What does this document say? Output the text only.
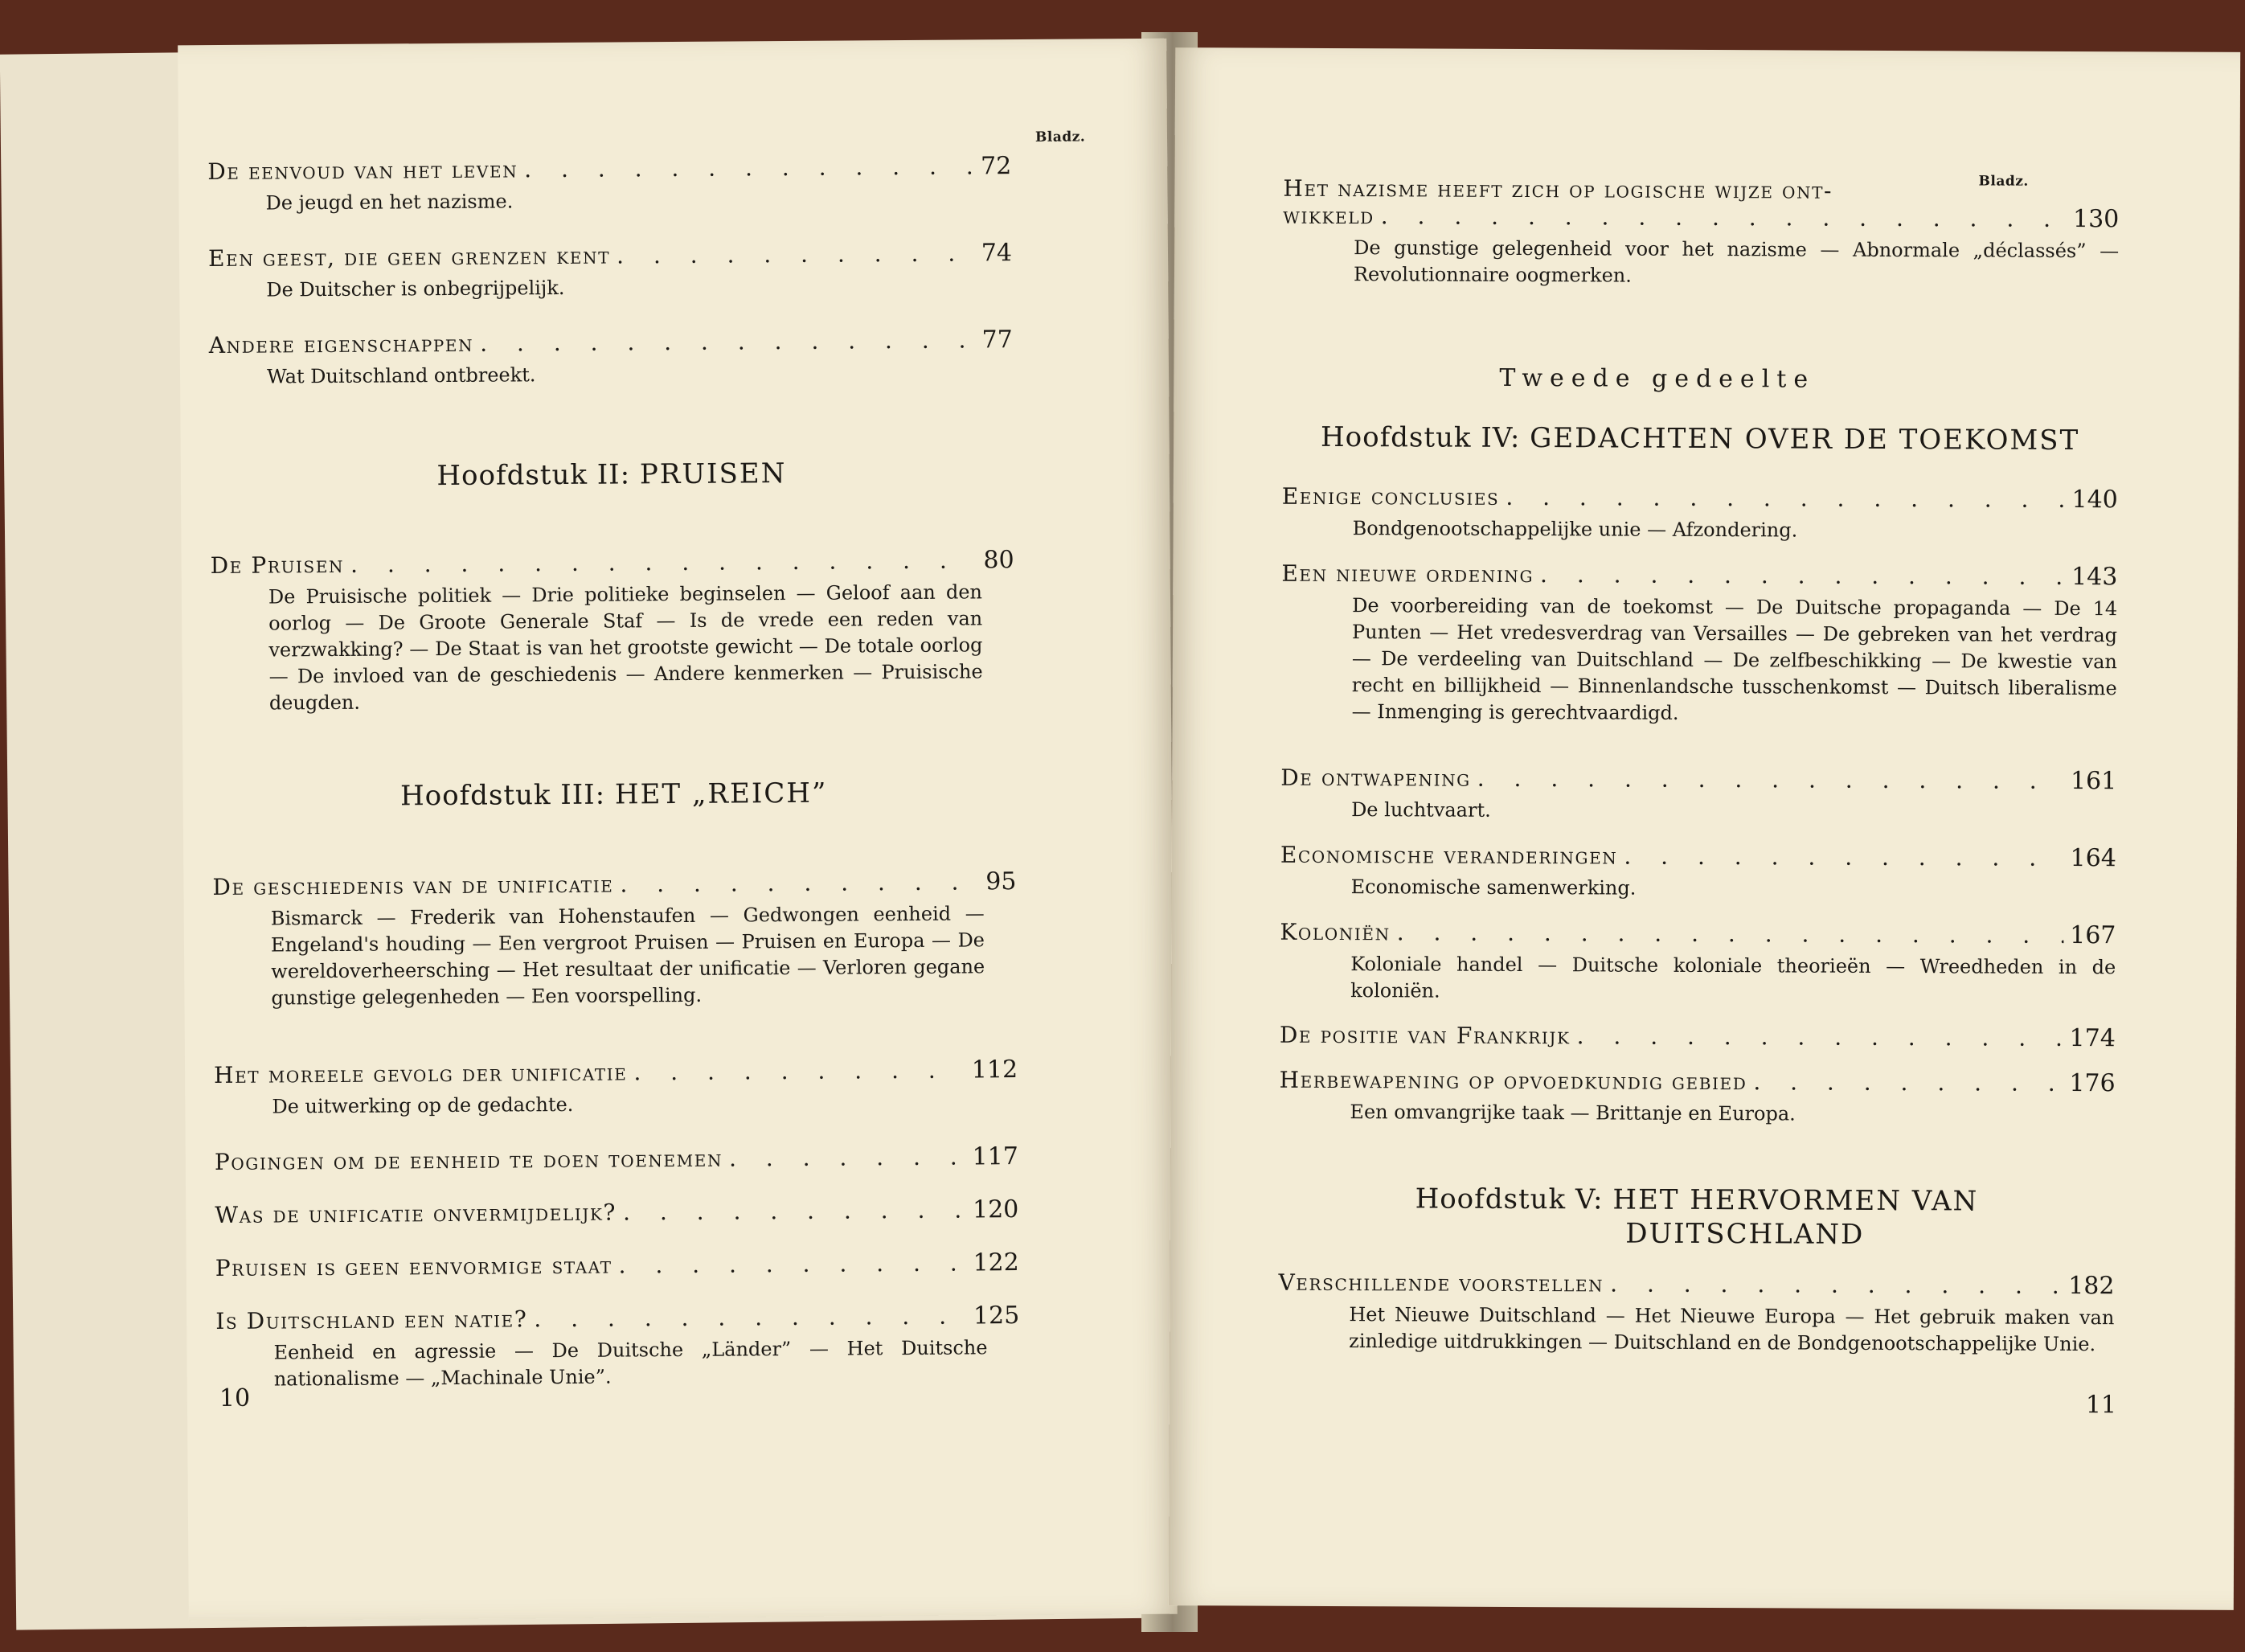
Bladz.
De eenvoud van het leven . . .	72
De jeugd en het nazisme.
Een geest, die geen grenzen kent . . .	74
De Duitscher is onbegrijpelijk.
Andere eigenschappen . . .	77
Wat Duitschland ontbreekt.
Hoofdstuk II: PRUISEN
De Pruisen . . .	80
De Pruisische politiek — Drie politieke beginselen — Geloof aan den oorlog — De Groote Generale Staf — Is de vrede een reden van verzwakking? — De Staat is van het grootste gewicht — De totale oorlog — De invloed van de geschiedenis — Andere kenmerken — Pruisische deugden.
Hoofdstuk III: HET „REICH”
De geschiedenis van de unificatie . . .	95
Bismarck — Frederik van Hohenstaufen — Gedwongen eenheid — Engeland's houding — Een vergroot Pruisen — Pruisen en Europa — De wereldoverheersching — Het resultaat der unificatie — Verloren gegane gunstige gelegenheden — Een voorspelling.
Het moreele gevolg der unificatie . . .	112
De uitwerking op de gedachte.
Pogingen om de eenheid te doen toenemen . . .	117
Was de unificatie onvermijdelijk? . . .	120
Pruisen is geen eenvormige staat . . .	122
Is Duitschland een natie? . . .	125
Eenheid en agressie — De Duitsche „Länder” — Het Duitsche nationalisme — „Machinale Unie”.
10
Bladz.
Het nazisme heeft zich op logische wijze ont-
wikkeld . . .	130
De gunstige gelegenheid voor het nazisme — Abnormale „déclassés” — Revolutionnaire oogmerken.
Tweede gedeelte
Hoofdstuk IV: GEDACHTEN OVER DE TOEKOMST
Eenige conclusies . . .	140
Bondgenootschappelijke unie — Afzondering.
Een nieuwe ordening . . .	143
De voorbereiding van de toekomst — De Duitsche propaganda — De 14 Punten — Het vredesverdrag van Versailles — De gebreken van het verdrag — De verdeeling van Duitschland — De zelfbeschikking — De kwestie van recht en billijkheid — Binnenlandsche tusschenkomst — Duitsch liberalisme — Inmenging is gerechtvaardigd.
De ontwapening . . .	161
De luchtvaart.
Economische veranderingen . . .	164
Economische samenwerking.
Koloniën . . .	167
Koloniale handel — Duitsche koloniale theorieën — Wreedheden in de koloniën.
De positie van Frankrijk . . .	174
Herbewapening op opvoedkundig gebied . . .	176
Een omvangrijke taak — Brittanje en Europa.
Hoofdstuk V: HET HERVORMEN VAN
DUITSCHLAND
Verschillende voorstellen . . .	182
Het Nieuwe Duitschland — Het Nieuwe Europa — Het gebruik maken van zinledige uitdrukkingen — Duitschland en de Bondgenootschappelijke Unie.
11
